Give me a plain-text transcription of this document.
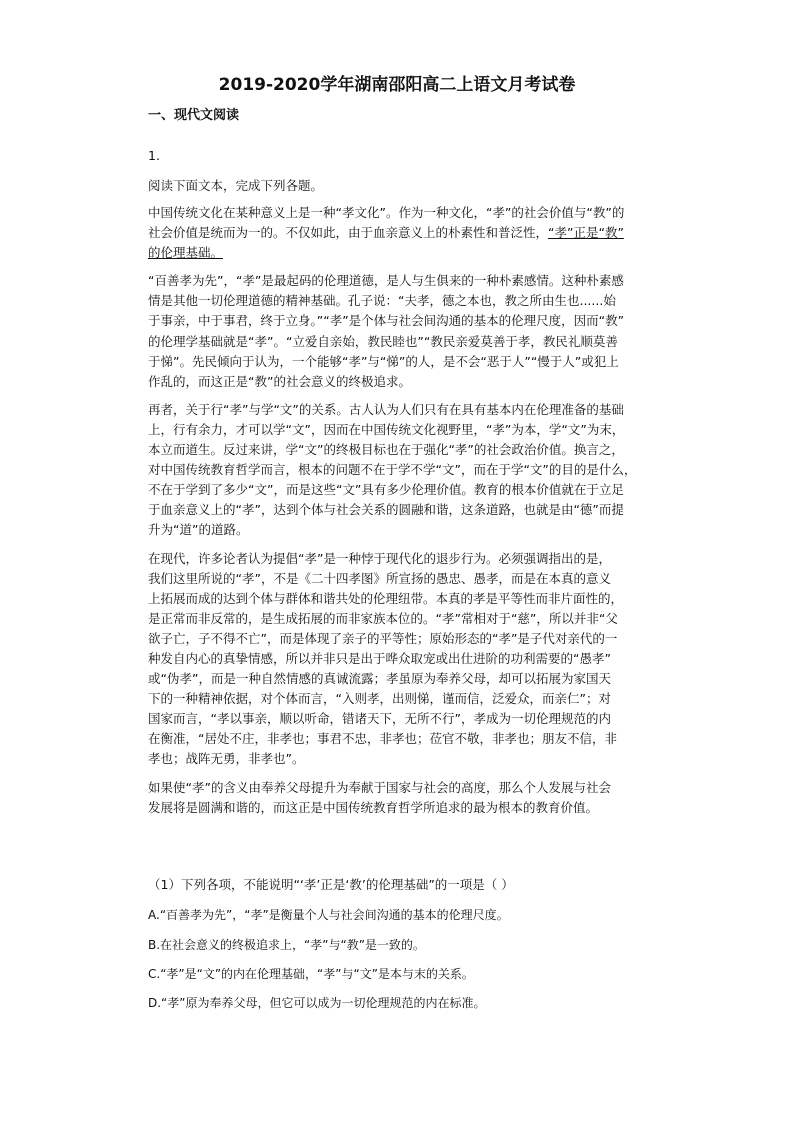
2019-2020学年湖南邵阳高二上语文月考试卷
一、现代文阅读
1.
阅读下面文本，完成下列各题。

中国传统文化在某种意义上是一种“孝文化”。作为一种文化，“孝”的社会价值与“教”的
社会价值是统而为一的。不仅如此，由于血亲意义上的朴素性和普泛性，“孝”正是“教”
的伦理基础。

“百善孝为先”，“孝”是最起码的伦理道德，是人与生俱来的一种朴素感情。这种朴素感
情是其他一切伦理道德的精神基础。孔子说：“夫孝，德之本也，教之所由生也......始
于事亲，中于事君，终于立身。”“孝”是个体与社会间沟通的基本的伦理尺度，因而“教”
的伦理学基础就是“孝”。“立爱自亲始，教民睦也”“教民亲爱莫善于孝，教民礼顺莫善
于悌”。先民倾向于认为，一个能够“孝”与“悌”的人，是不会“恶于人”“慢于人”或犯上
作乱的，而这正是“教”的社会意义的终极追求。

再者，关于行“孝”与学“文”的关系。古人认为人们只有在具有基本内在伦理准备的基础
上，行有余力，才可以学“文”，因而在中国传统文化视野里，“孝”为本，学“文”为末，
本立而道生。反过来讲，学“文”的终极目标也在于强化“孝”的社会政治价值。换言之，
对中国传统教育哲学而言，根本的问题不在于学不学“文”，而在于学“文”的目的是什么，
不在于学到了多少“文”，而是这些“文”具有多少伦理价值。教育的根本价值就在于立足
于血亲意义上的“孝”，达到个体与社会关系的圆融和谐，这条道路，也就是由“德”而提
升为“道”的道路。

在现代，许多论者认为提倡“孝”是一种悖于现代化的退步行为。必须强调指出的是，
我们这里所说的“孝”，不是《二十四孝图》所宣扬的愚忠、愚孝，而是在本真的意义
上拓展而成的达到个体与群体和谐共处的伦理纽带。本真的孝是平等性而非片面性的，
是正常而非反常的，是生成拓展的而非家族本位的。“孝”常相对于“慈”，所以并非“父
欲子亡，子不得不亡”，而是体现了亲子的平等性；原始形态的“孝”是子代对亲代的一
种发自内心的真挚情感，所以并非只是出于哗众取宠或出仕进阶的功利需要的“愚孝”
或“伪孝”，而是一种自然情感的真诚流露；孝虽原为奉养父母，却可以拓展为家国天
下的一种精神依据，对个体而言，“入则孝，出则悌，谨而信，泛爱众，而亲仁”；对
国家而言，“孝以事亲，顺以听命，错诸天下，无所不行”，孝成为一切伦理规范的内
在衡准，“居处不庄，非孝也；事君不忠，非孝也；莅官不敬，非孝也；朋友不信，非
孝也；战阵无勇，非孝也”。

如果使“孝”的含义由奉养父母提升为奉献于国家与社会的高度，那么个人发展与社会
发展将是圆满和谐的，而这正是中国传统教育哲学所追求的最为根本的教育价值。

（1）下列各项，不能说明“‘孝’正是‘教’的伦理基础”的一项是（ ）
A.“百善孝为先”，“孝”是衡量个人与社会间沟通的基本的伦理尺度。
B.在社会意义的终极追求上，“孝”与“教”是一致的。
C.“孝”是“文”的内在伦理基础，“孝”与“文”是本与末的关系。
D.“孝”原为奉养父母，但它可以成为一切伦理规范的内在标准。
